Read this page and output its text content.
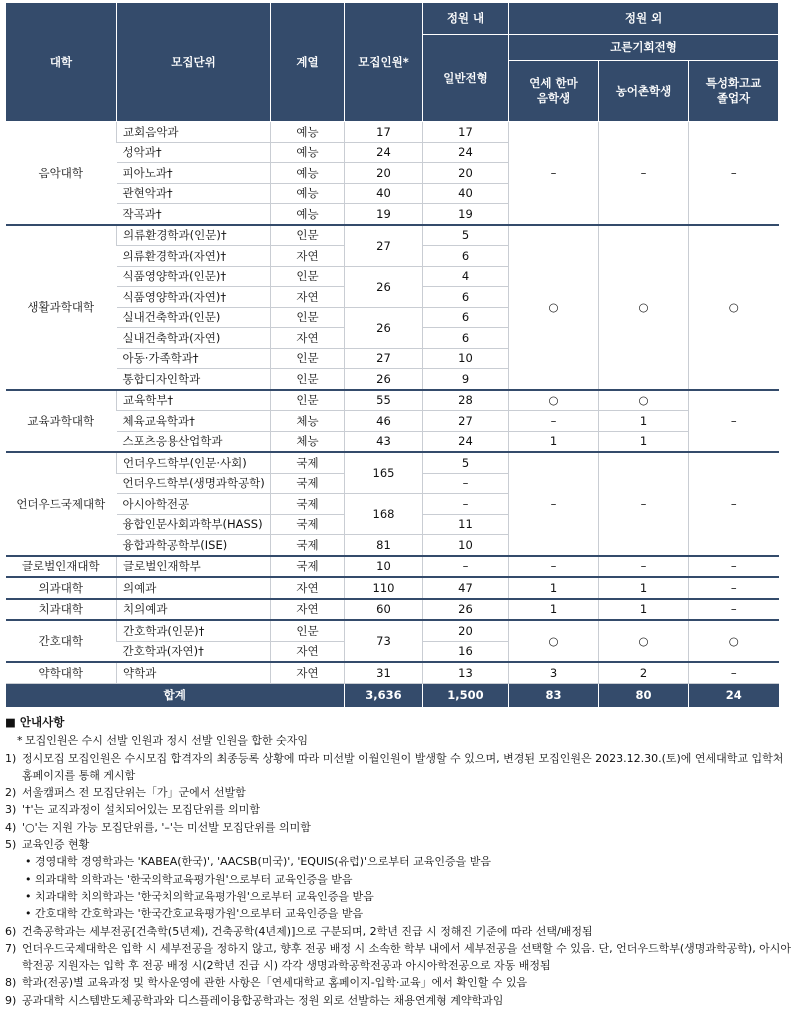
대학	모집단위	계열	모집인원*	정원 내	정원 외		
				일반전형	고른기회전형		
					연세 한마음학생	농어촌학생	특성화고교 졸업자
음악대학	교회음악과	예능	17	17	–	–	–
	성악과†	예능	24	24			
	피아노과†	예능	20	20			
	관현악과†	예능	40	40			
	작곡과†	예능	19	19			
생활과학대학	의류환경학과(인문)†	인문	27	5	○	○	○
	의류환경학과(자연)†	자연		6			
	식품영양학과(인문)†	인문	26	4			
	식품영양학과(자연)†	자연		6			
	실내건축학과(인문)	인문	26	6			
	실내건축학과(자연)	자연		6			
	아동·가족학과†	인문	27	10			
	통합디자인학과	인문	26	9			
교육과학대학	교육학부†	인문	55	28	○	○	–
	체육교육학과†	체능	46	27	–	1	
	스포츠응용산업학과	체능	43	24	1	1	
언더우드국제대학	언더우드학부(인문·사회)	국제	165	5	–	–	–
	언더우드학부(생명과학공학)	국제		–			
	아시아학전공	국제	168	–			
	융합인문사회과학부(HASS)	국제		11			
	융합과학공학부(ISE)	국제	81	10			
글로벌인재대학	글로벌인재학부	국제	10	–	–	–	–
의과대학	의예과	자연	110	47	1	1	–
치과대학	치의예과	자연	60	26	1	1	–
간호대학	간호학과(인문)†	인문	73	20	○	○	○
	간호학과(자연)†	자연		16			
약학대학	약학과	자연	31	13	3	2	–
합계			3,636	1,500	83	80	24
■ 안내사항
* 모집인원은 수시 선발 인원과 정시 선발 인원을 합한 숫자임
1) 정시모집 모집인원은 수시모집 합격자의 최종등록 상황에 따라 미선발 이월인원이 발생할 수 있으며, 변경된 모집인원은 2023.12.30.(토)에 연세대학교 입학처 홈페이지를 통해 게시함
2) 서울캠퍼스 전 모집단위는「가」군에서 선발함
3) '†'는 교직과정이 설치되어있는 모집단위를 의미함
4) '○'는 지원 가능 모집단위를, '–'는 미선발 모집단위를 의미함
5) 교육인증 현황
• 경영대학 경영학과는 'KABEA(한국)', 'AACSB(미국)', 'EQUIS(유럽)'으로부터 교육인증을 받음
• 의과대학 의학과는 '한국의학교육평가원'으로부터 교육인증을 받음
• 치과대학 치의학과는 '한국치의학교육평가원'으로부터 교육인증을 받음
• 간호대학 간호학과는 '한국간호교육평가원'으로부터 교육인증을 받음
6) 건축공학과는 세부전공[건축학(5년제), 건축공학(4년제)]으로 구분되며, 2학년 진급 시 정해진 기준에 따라 선택/배정됨
7) 언더우드국제대학은 입학 시 세부전공을 정하지 않고, 향후 전공 배정 시 소속한 학부 내에서 세부전공을 선택할 수 있음. 단, 언더우드학부(생명과학공학), 아시아학전공 지원자는 입학 후 전공 배정 시(2학년 진급 시) 각각 생명과학공학전공과 아시아학전공으로 자동 배정됨
8) 학과(전공)별 교육과정 및 학사운영에 관한 사항은「연세대학교 홈페이지-입학·교육」에서 확인할 수 있음
9) 공과대학 시스템반도체공학과와 디스플레이융합공학과는 정원 외로 선발하는 채용연계형 계약학과임
